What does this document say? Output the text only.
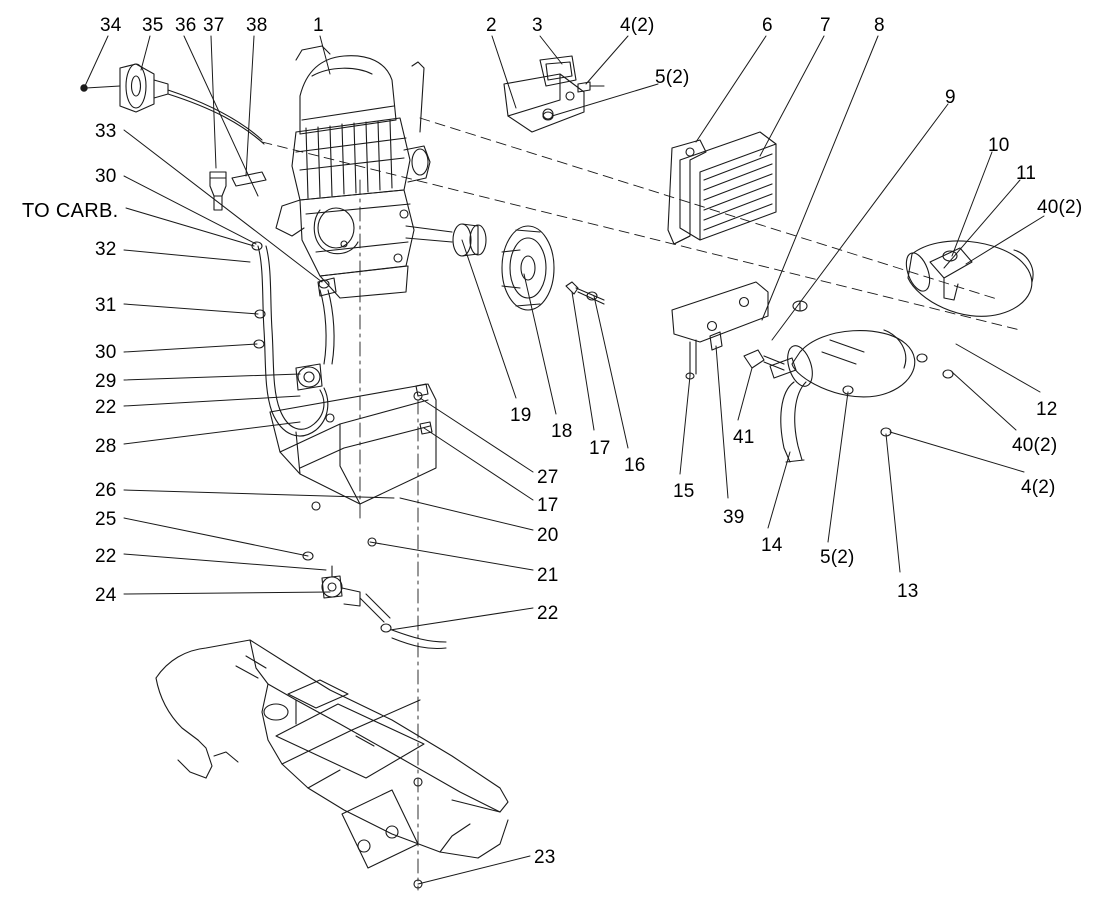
TO CARB.
34 35 36 37 38 1	2 3	4(2)	6 7 8
5(2)
9
33
10
11
30
40(2)
32
31
30
29
22	19	12
18
17
41
28	40(2)
16
27	4(2)
15
26
17
25	39
20	14
22	5(2)
21
24	13
22
23
